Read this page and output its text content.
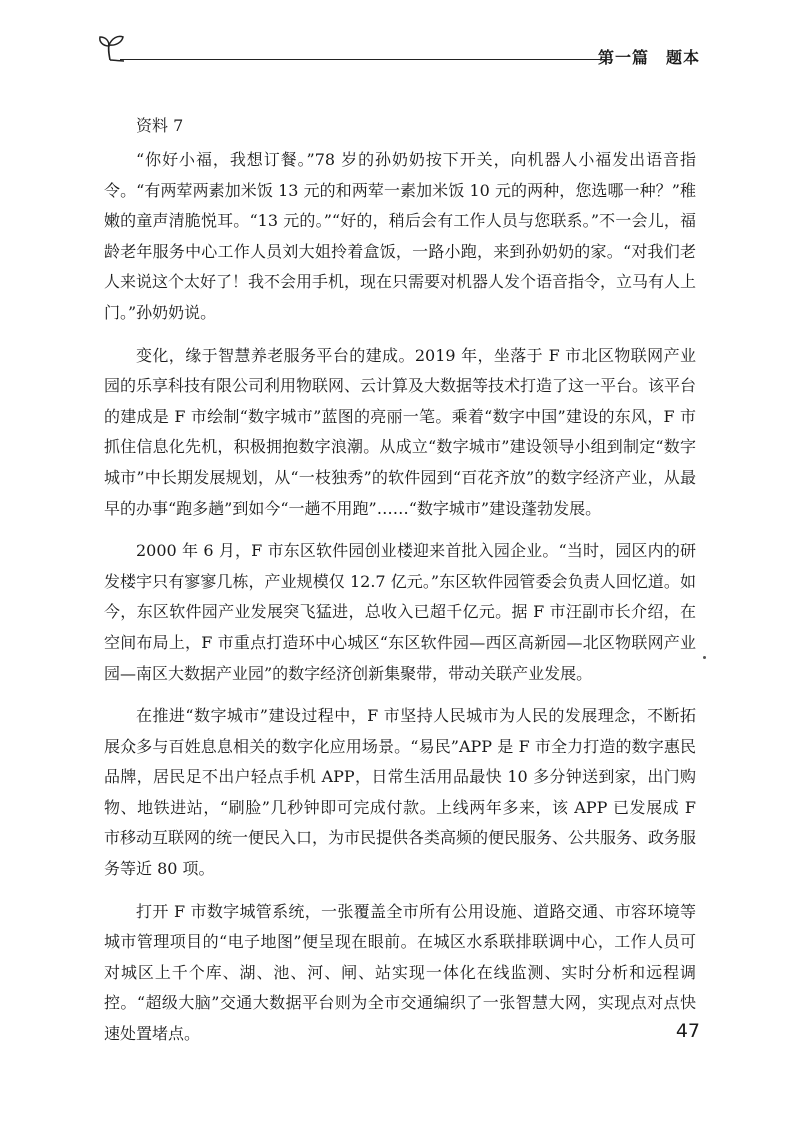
第一篇　题本
资料 7

“你好小福，我想订餐。”78 岁的孙奶奶按下开关，向机器人小福发出语音指令。“有两荤两素加米饭 13 元的和两荤一素加米饭 10 元的两种，您选哪一种？”稚嫩的童声清脆悦耳。“13 元的。”“好的，稍后会有工作人员与您联系。”不一会儿，福龄老年服务中心工作人员刘大姐拎着盒饭，一路小跑，来到孙奶奶的家。“对我们老人来说这个太好了！我不会用手机，现在只需要对机器人发个语音指令，立马有人上门。”孙奶奶说。

变化，缘于智慧养老服务平台的建成。2019 年，坐落于 F 市北区物联网产业园的乐享科技有限公司利用物联网、云计算及大数据等技术打造了这一平台。该平台的建成是 F 市绘制“数字城市”蓝图的亮丽一笔。乘着“数字中国”建设的东风，F 市抓住信息化先机，积极拥抱数字浪潮。从成立“数字城市”建设领导小组到制定“数字城市”中长期发展规划，从“一枝独秀”的软件园到“百花齐放”的数字经济产业，从最早的办事“跑多趟”到如今“一趟不用跑”……“数字城市”建设蓬勃发展。

2000 年 6 月，F 市东区软件园创业楼迎来首批入园企业。“当时，园区内的研发楼宇只有寥寥几栋，产业规模仅 12.7 亿元。”东区软件园管委会负责人回忆道。如今，东区软件园产业发展突飞猛进，总收入已超千亿元。据 F 市汪副市长介绍，在空间布局上，F 市重点打造环中心城区“东区软件园—西区高新园—北区物联网产业园—南区大数据产业园”的数字经济创新集聚带，带动关联产业发展。

在推进“数字城市”建设过程中，F 市坚持人民城市为人民的发展理念，不断拓展众多与百姓息息相关的数字化应用场景。“易民”APP 是 F 市全力打造的数字惠民品牌，居民足不出户轻点手机 APP，日常生活用品最快 10 多分钟送到家，出门购物、地铁进站，“刷脸”几秒钟即可完成付款。上线两年多来，该 APP 已发展成 F 市移动互联网的统一便民入口，为市民提供各类高频的便民服务、公共服务、政务服务等近 80 项。

打开 F 市数字城管系统，一张覆盖全市所有公用设施、道路交通、市容环境等城市管理项目的“电子地图”便呈现在眼前。在城区水系联排联调中心，工作人员可对城区上千个库、湖、池、河、闸、站实现一体化在线监测、实时分析和远程调控。“超级大脑”交通大数据平台则为全市交通编织了一张智慧大网，实现点对点快速处置堵点。	47
